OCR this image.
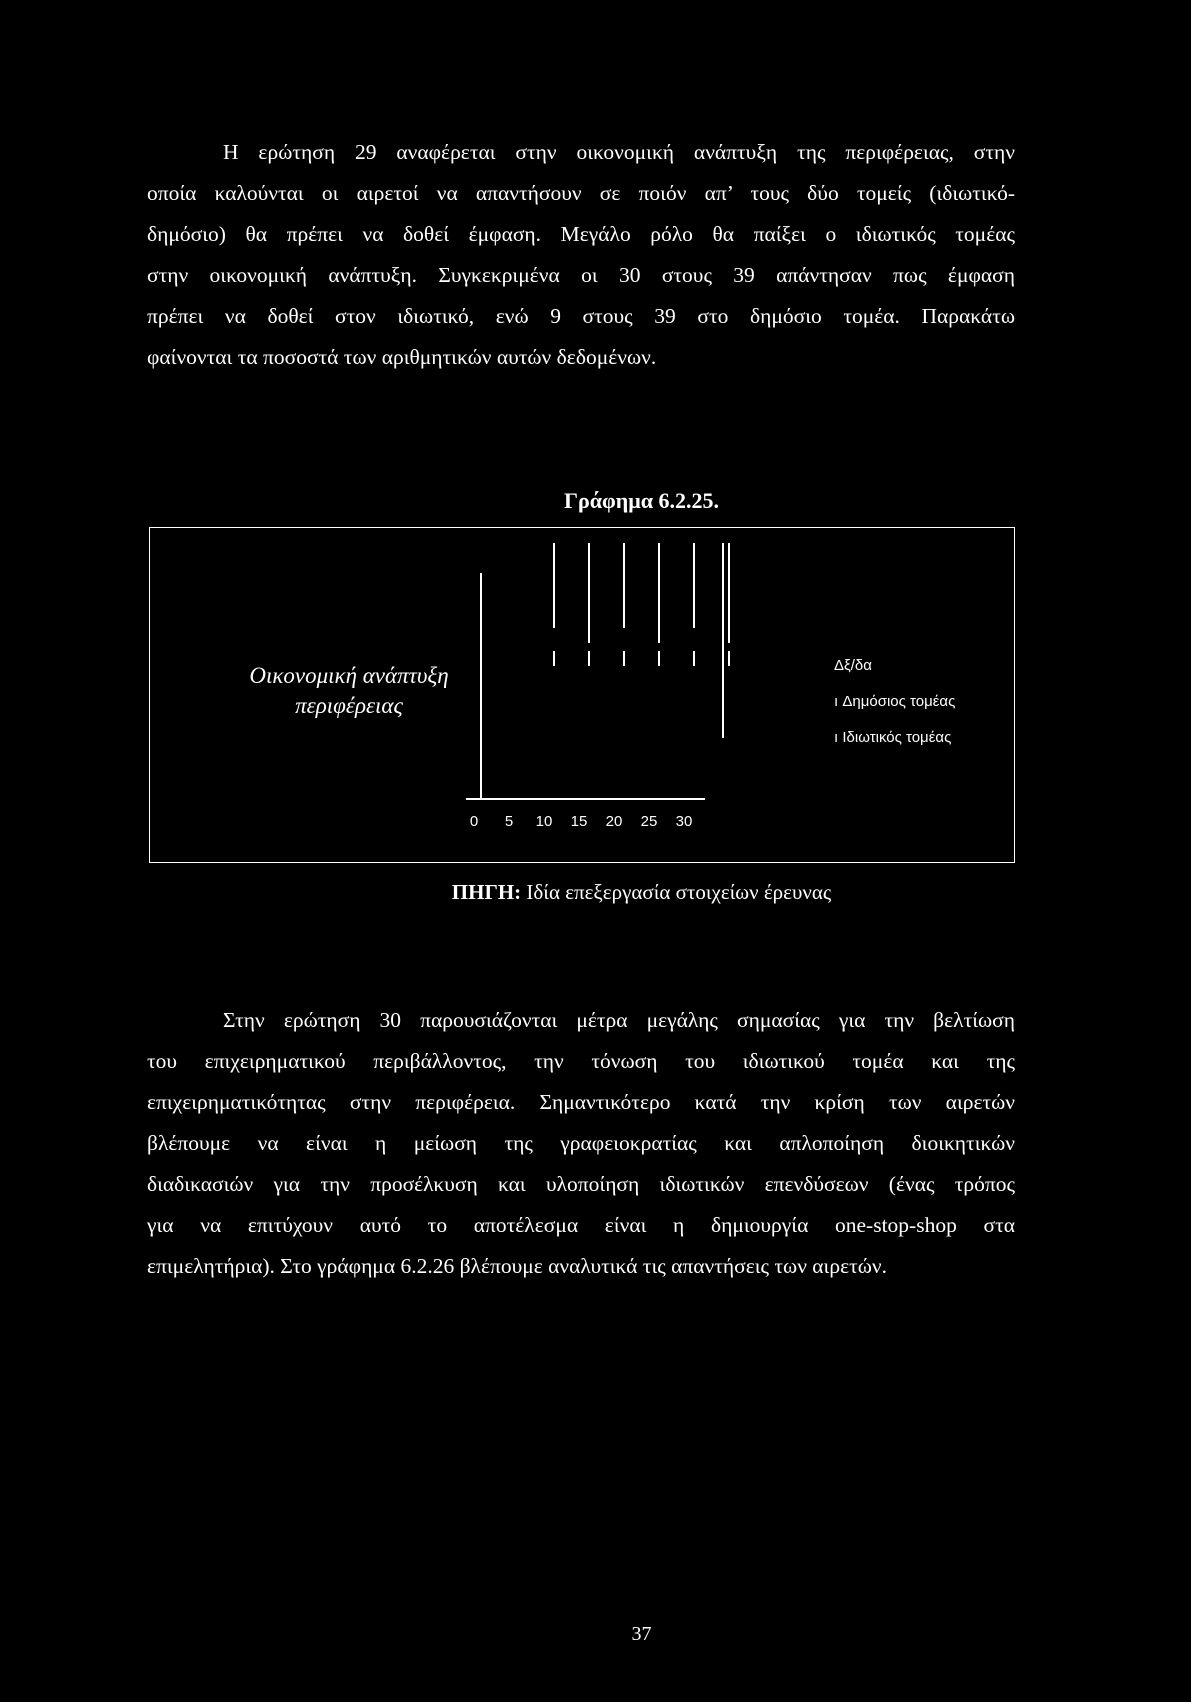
Η ερώτηση 29 αναφέρεται στην οικονομική ανάπτυξη της περιφέρειας, στην
οποία καλούνται οι αιρετοί να απαντήσουν σε ποιόν απ’ τους δύο τομείς (ιδιωτικό-
δημόσιο) θα πρέπει να δοθεί έμφαση. Μεγάλο ρόλο θα παίξει ο ιδιωτικός τομέας
στην οικονομική ανάπτυξη. Συγκεκριμένα οι 30 στους 39 απάντησαν πως έμφαση
πρέπει να δοθεί στον ιδιωτικό, ενώ 9 στους 39 στο δημόσιο τομέα. Παρακάτω
φαίνονται τα ποσοστά των αριθμητικών αυτών δεδομένων.
Γράφημα 6.2.25.
Οικονομική ανάπτυξη περιφέρειας
0 5 10 15 20 25 30
Δξ/δα
ı Δημόσιος τομέας
ı Ιδιωτικός τομέας
ΠΗΓΗ: Ιδία επεξεργασία στοιχείων έρευνας
Στην ερώτηση 30 παρουσιάζονται μέτρα μεγάλης σημασίας για την βελτίωση
του επιχειρηματικού περιβάλλοντος, την τόνωση του ιδιωτικού τομέα και της
επιχειρηματικότητας στην περιφέρεια. Σημαντικότερο κατά την κρίση των αιρετών
βλέπουμε να είναι η μείωση της γραφειοκρατίας και απλοποίηση διοικητικών
διαδικασιών για την προσέλκυση και υλοποίηση ιδιωτικών επενδύσεων (ένας τρόπος
για να επιτύχουν αυτό το αποτέλεσμα είναι η δημιουργία one-stop-shop στα
επιμελητήρια). Στο γράφημα 6.2.26 βλέπουμε αναλυτικά τις απαντήσεις των αιρετών.
37
